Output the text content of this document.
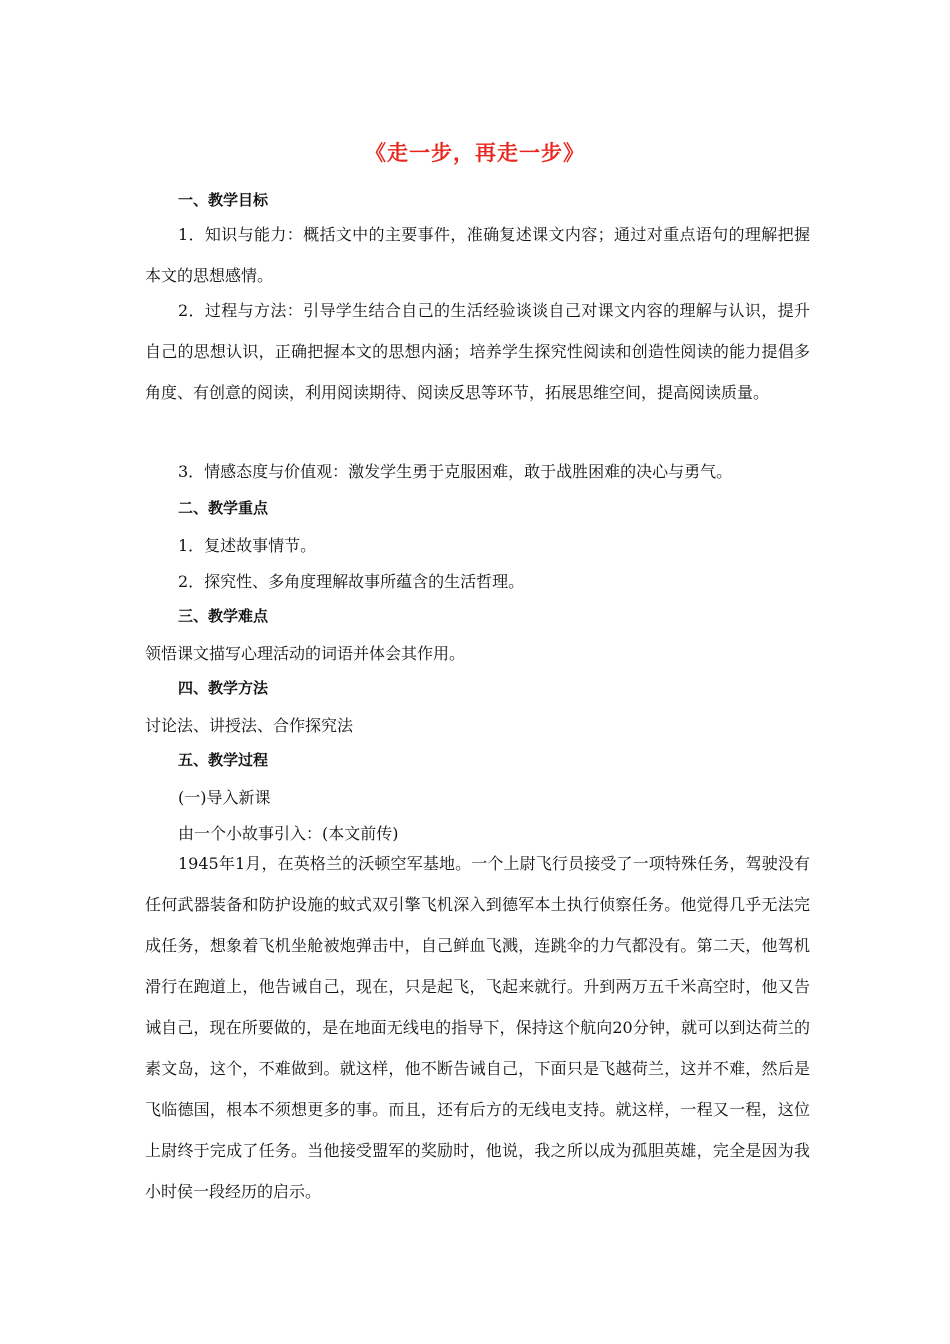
《走一步，再走一步》
一、教学目标

1．知识与能力：概括文中的主要事件，准确复述课文内容；通过对重点语句的理解把握本文的思想感情。

2．过程与方法：引导学生结合自己的生活经验谈谈自己对课文内容的理解与认识，提升自己的思想认识，正确把握本文的思想内涵；培养学生探究性阅读和创造性阅读的能力提倡多角度、有创意的阅读，利用阅读期待、阅读反思等环节，拓展思维空间，提高阅读质量。

3．情感态度与价值观：激发学生勇于克服困难，敢于战胜困难的决心与勇气。
二、教学重点
1．复述故事情节。
2．探究性、多角度理解故事所蕴含的生活哲理。
三、教学难点
领悟课文描写心理活动的词语并体会其作用。
四、教学方法
讨论法、讲授法、合作探究法
五、教学过程
(一)导入新课
由一个小故事引入：(本文前传)

1945年1月，在英格兰的沃顿空军基地。一个上尉飞行员接受了一项特殊任务，驾驶没有任何武器装备和防护设施的蚊式双引擎飞机深入到德军本土执行侦察任务。他觉得几乎无法完成任务，想象着飞机坐舱被炮弹击中，自己鲜血飞溅，连跳伞的力气都没有。第二天，他驾机滑行在跑道上，他告诫自己，现在，只是起飞，飞起来就行。升到两万五千米高空时，他又告诫自己，现在所要做的，是在地面无线电的指导下，保持这个航向20分钟，就可以到达荷兰的素文岛，这个，不难做到。就这样，他不断告诫自己，下面只是飞越荷兰，这并不难，然后是飞临德国，根本不须想更多的事。而且，还有后方的无线电支持。就这样，一程又一程，这位上尉终于完成了任务。当他接受盟军的奖励时，他说，我之所以成为孤胆英雄，完全是因为我小时侯一段经历的启示。
